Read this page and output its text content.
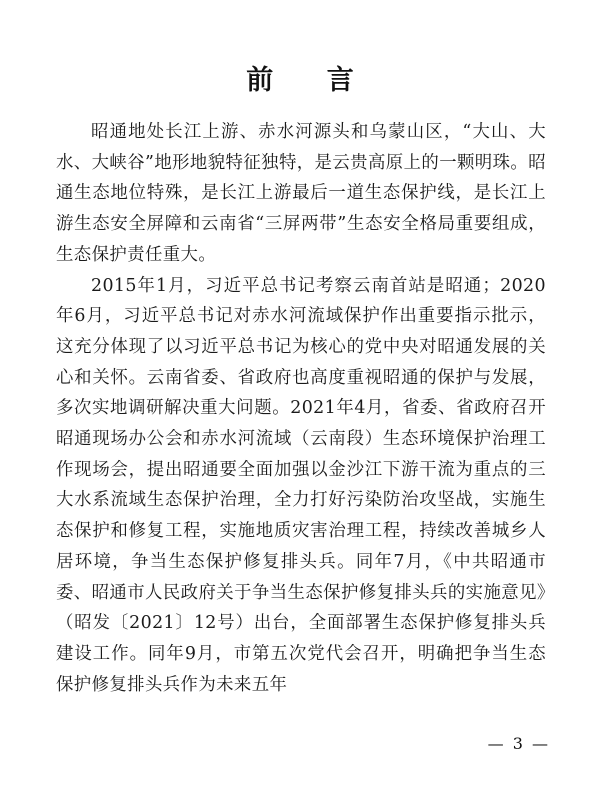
前 言

昭通地处长江上游、赤水河源头和乌蒙山区，“大山、大水、大峡谷”地形地貌特征独特，是云贵高原上的一颗明珠。昭通生态地位特殊，是长江上游最后一道生态保护线，是长江上游生态安全屏障和云南省“三屏两带”生态安全格局重要组成，生态保护责任重大。

2015年1月，习近平总书记考察云南首站是昭通；2020年6月，习近平总书记对赤水河流域保护作出重要指示批示，这充分体现了以习近平总书记为核心的党中央对昭通发展的关心和关怀。云南省委、省政府也高度重视昭通的保护与发展，多次实地调研解决重大问题。2021年4月，省委、省政府召开昭通现场办公会和赤水河流域（云南段）生态环境保护治理工作现场会，提出昭通要全面加强以金沙江下游干流为重点的三大水系流域生态保护治理，全力打好污染防治攻坚战，实施生态保护和修复工程，实施地质灾害治理工程，持续改善城乡人居环境，争当生态保护修复排头兵。同年7月，《中共昭通市委、昭通市人民政府关于争当生态保护修复排头兵的实施意见》（昭发〔2021〕12号）出台，全面部署生态保护修复排头兵建设工作。同年9月，市第五次党代会召开，明确把争当生态保护修复排头兵作为未来五年

— 3 —
